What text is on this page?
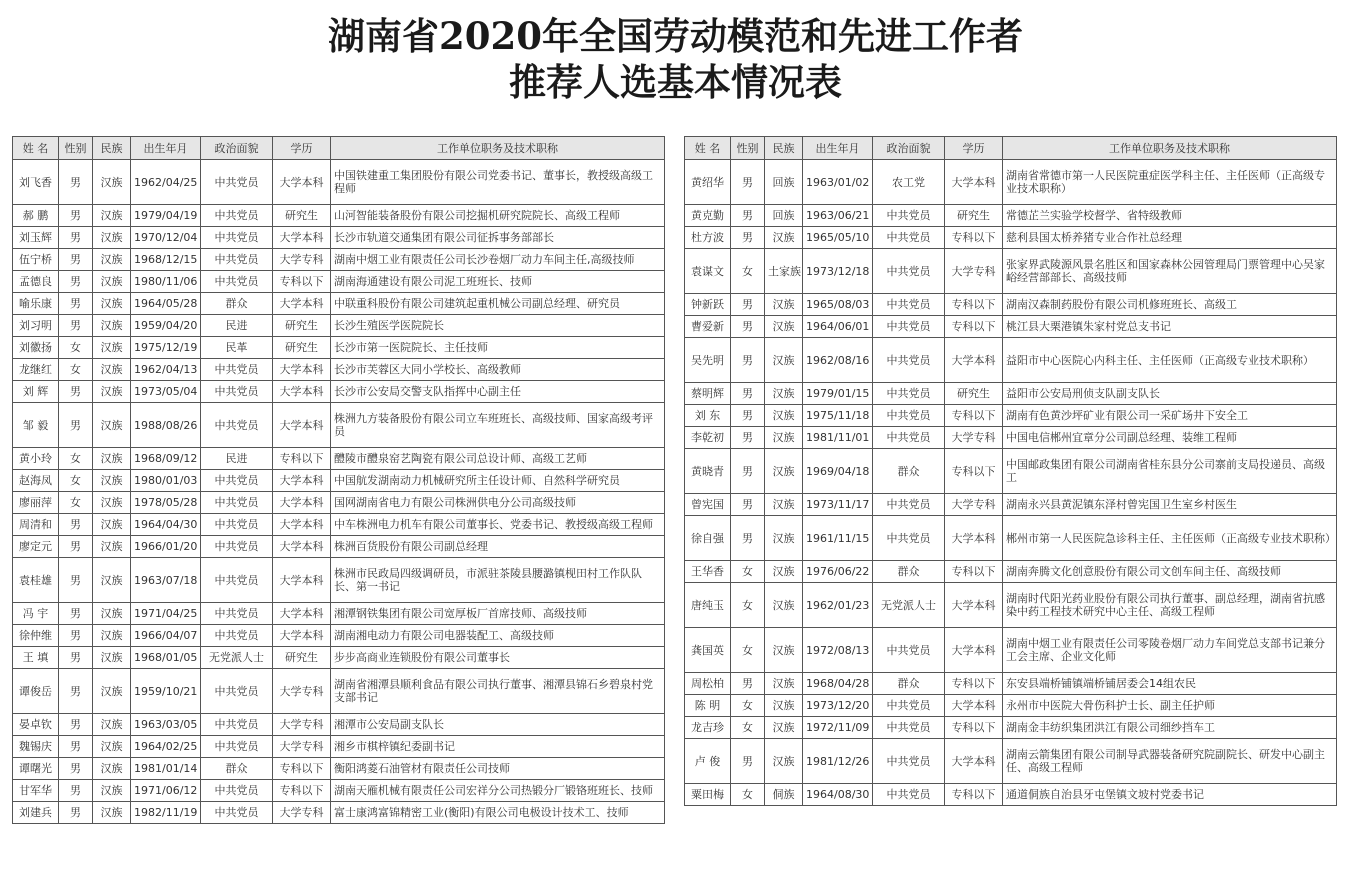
湖南省2020年全国劳动模范和先进工作者
推荐人选基本情况表
姓 名	性别	民族	出生年月	政治面貌	学历	工作单位职务及技术职称
刘飞香	男	汉族	1962/04/25	中共党员	大学本科	中国铁建重工集团股份有限公司党委书记、董事长，教授级高级工程师
郝 鹏	男	汉族	1979/04/19	中共党员	研究生	山河智能装备股份有限公司挖掘机研究院院长、高级工程师
刘玉辉	男	汉族	1970/12/04	中共党员	大学本科	长沙市轨道交通集团有限公司征拆事务部部长
伍宁桥	男	汉族	1968/12/15	中共党员	大学专科	湖南中烟工业有限责任公司长沙卷烟厂动力车间主任,高级技师
孟德良	男	汉族	1980/11/06	中共党员	专科以下	湖南海通建设有限公司泥工班班长、技师
喻乐康	男	汉族	1964/05/28	群众	大学本科	中联重科股份有限公司建筑起重机械公司副总经理、研究员
刘习明	男	汉族	1959/04/20	民进	研究生	长沙生殖医学医院院长
刘徽扬	女	汉族	1975/12/19	民革	研究生	长沙市第一医院院长、主任技师
龙继红	女	汉族	1962/04/13	中共党员	大学本科	长沙市芙蓉区大同小学校长、高级教师
刘 辉	男	汉族	1973/05/04	中共党员	大学本科	长沙市公安局交警支队指挥中心副主任
邹 毅	男	汉族	1988/08/26	中共党员	大学本科	株洲九方装备股份有限公司立车班班长、高级技师、国家高级考评员
黄小玲	女	汉族	1968/09/12	民进	专科以下	醴陵市醴泉窑艺陶瓷有限公司总设计师、高级工艺师
赵海凤	女	汉族	1980/01/03	中共党员	大学本科	中国航发湖南动力机械研究所主任设计师、自然科学研究员
廖丽萍	女	汉族	1978/05/28	中共党员	大学本科	国网湖南省电力有限公司株洲供电分公司高级技师
周清和	男	汉族	1964/04/30	中共党员	大学本科	中车株洲电力机车有限公司董事长、党委书记、教授级高级工程师
廖定元	男	汉族	1966/01/20	中共党员	大学本科	株洲百货股份有限公司副总经理
袁桂雄	男	汉族	1963/07/18	中共党员	大学本科	株洲市民政局四级调研员，市派驻茶陵县腰潞镇枧田村工作队队长、第一书记
冯 宇	男	汉族	1971/04/25	中共党员	大学本科	湘潭钢铁集团有限公司宽厚板厂首席技师、高级技师
徐仲维	男	汉族	1966/04/07	中共党员	大学本科	湖南湘电动力有限公司电器装配工、高级技师
王 填	男	汉族	1968/01/05	无党派人士	研究生	步步高商业连锁股份有限公司董事长
谭俊岳	男	汉族	1959/10/21	中共党员	大学专科	湖南省湘潭县顺利食品有限公司执行董事、湘潭县锦石乡碧泉村党支部书记
晏卓钦	男	汉族	1963/03/05	中共党员	大学专科	湘潭市公安局副支队长
魏锡庆	男	汉族	1964/02/25	中共党员	大学专科	湘乡市棋梓镇纪委副书记
谭曙光	男	汉族	1981/01/14	群众	专科以下	衡阳鸿菱石油管材有限责任公司技师
甘军华	男	汉族	1971/06/12	中共党员	专科以下	湖南天雁机械有限责任公司宏祥分公司热锻分厂锻铬班班长、技师
刘建兵	男	汉族	1982/11/19	中共党员	大学专科	富士康鸿富锦精密工业(衡阳)有限公司电极设计技术工、技师
姓 名	性别	民族	出生年月	政治面貌	学历	工作单位职务及技术职称
黄绍华	男	回族	1963/01/02	农工党	大学本科	湖南省常德市第一人民医院重症医学科主任、主任医师（正高级专业技术职称）
黄克勤	男	回族	1963/06/21	中共党员	研究生	常德芷兰实验学校督学、省特级教师
杜方波	男	汉族	1965/05/10	中共党员	专科以下	慈利县国太桥养猪专业合作社总经理
袁谋文	女	土家族	1973/12/18	中共党员	大学专科	张家界武陵源风景名胜区和国家森林公园管理局门票管理中心吴家峪经营部部长、高级技师
钟新跃	男	汉族	1965/08/03	中共党员	专科以下	湖南汉森制药股份有限公司机修班班长、高级工
曹爱新	男	汉族	1964/06/01	中共党员	专科以下	桃江县大栗港镇朱家村党总支书记
吴先明	男	汉族	1962/08/16	中共党员	大学本科	益阳市中心医院心内科主任、主任医师（正高级专业技术职称）
蔡明辉	男	汉族	1979/01/15	中共党员	研究生	益阳市公安局刑侦支队副支队长
刘 东	男	汉族	1975/11/18	中共党员	专科以下	湖南有色黄沙坪矿业有限公司一采矿场井下安全工
李乾初	男	汉族	1981/11/01	中共党员	大学专科	中国电信郴州宜章分公司副总经理、装维工程师
黄晓青	男	汉族	1969/04/18	群众	专科以下	中国邮政集团有限公司湖南省桂东县分公司寨前支局投递员、高级工
曾宪国	男	汉族	1973/11/17	中共党员	大学专科	湖南永兴县黄泥镇东泽村曾宪国卫生室乡村医生
徐自强	男	汉族	1961/11/15	中共党员	大学本科	郴州市第一人民医院急诊科主任、主任医师（正高级专业技术职称）
王华香	女	汉族	1976/06/22	群众	专科以下	湖南奔腾文化创意股份有限公司文创车间主任、高级技师
唐纯玉	女	汉族	1962/01/23	无党派人士	大学本科	湖南时代阳光药业股份有限公司执行董事、副总经理，湖南省抗感染中药工程技术研究中心主任、高级工程师
龚国英	女	汉族	1972/08/13	中共党员	大学本科	湖南中烟工业有限责任公司零陵卷烟厂动力车间党总支部书记兼分工会主席、企业文化师
周松柏	男	汉族	1968/04/28	群众	专科以下	东安县端桥铺镇端桥铺居委会14组农民
陈 明	女	汉族	1973/12/20	中共党员	大学本科	永州市中医院大骨伤科护士长、副主任护师
龙吉珍	女	汉族	1972/11/09	中共党员	专科以下	湖南金丰纺织集团洪江有限公司细纱挡车工
卢 俊	男	汉族	1981/12/26	中共党员	大学本科	湖南云箭集团有限公司制导武器装备研究院副院长、研发中心副主任、高级工程师
粟田梅	女	侗族	1964/08/30	中共党员	专科以下	通道侗族自治县牙屯堡镇文坡村党委书记
